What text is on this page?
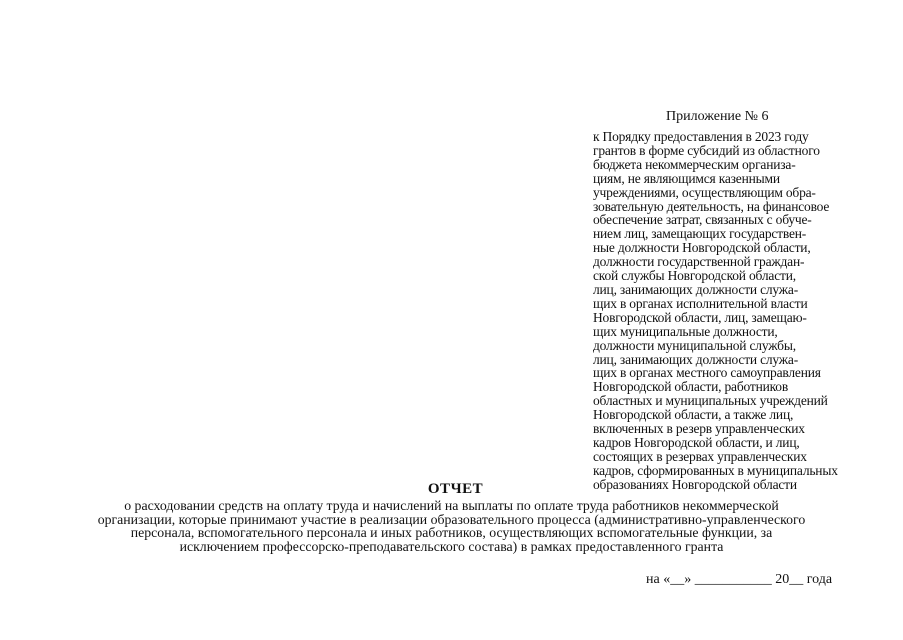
Приложение № 6
к Порядку предоставления в 2023 году
грантов в форме субсидий из областного
бюджета некоммерческим организа-
циям, не являющимся казенными
учреждениями, осуществляющим обра-
зовательную деятельность, на финансовое
обеспечение затрат, связанных с обуче-
нием лиц, замещающих государствен-
ные должности Новгородской области,
должности государственной граждан-
ской службы Новгородской области,
лиц, занимающих должности служа-
щих в органах исполнительной власти
Новгородской области, лиц, замещаю-
щих муниципальные должности,
должности муниципальной службы,
лиц, занимающих должности служа-
щих в органах местного самоуправления
Новгородской области, работников
областных и муниципальных учреждений
Новгородской области, а также лиц,
включенных в резерв управленческих
кадров Новгородской области, и лиц,
состоящих в резервах управленческих
кадров, сформированных в муниципальных
образованиях Новгородской области
ОТЧЕТ
о расходовании средств на оплату труда и начислений на выплаты по оплате труда работников некоммерческой
организации, которые принимают участие в реализации образовательного процесса (административно-управленческого
персонала, вспомогательного персонала и иных работников, осуществляющих вспомогательные функции, за
исключением профессорско-преподавательского состава) в рамках предоставленного гранта
на «__» ___________ 20__ года
